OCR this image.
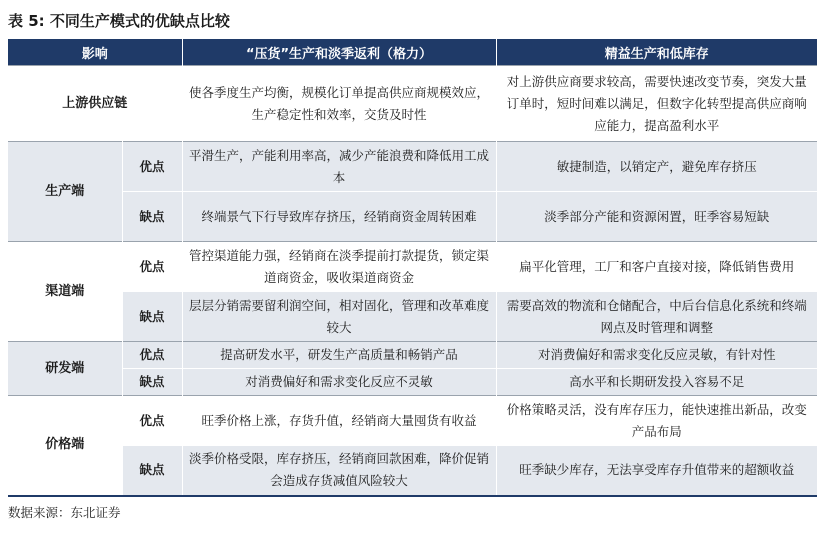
表 5: 不同生产模式的优缺点比较
影响		“压货”生产和淡季返利（格力）	精益生产和低库存
上游供应链		使各季度生产均衡，规模化订单提高供应商规模效应，生产稳定性和效率，交货及时性	对上游供应商要求较高，需要快速改变节奏，突发大量订单时，短时间难以满足，但数字化转型提高供应商响应能力，提高盈利水平
生产端	优点	平滑生产，产能利用率高，减少产能浪费和降低用工成本	敏捷制造，以销定产，避免库存挤压
	缺点	终端景气下行导致库存挤压，经销商资金周转困难	淡季部分产能和资源闲置，旺季容易短缺
渠道端	优点	管控渠道能力强，经销商在淡季提前打款提货，锁定渠道商资金，吸收渠道商资金	扁平化管理，工厂和客户直接对接，降低销售费用
	缺点	层层分销需要留利润空间，相对固化，管理和改革难度较大	需要高效的物流和仓储配合，中后台信息化系统和终端网点及时管理和调整
研发端	优点	提高研发水平，研发生产高质量和畅销产品	对消费偏好和需求变化反应灵敏，有针对性
	缺点	对消费偏好和需求变化反应不灵敏	高水平和长期研发投入容易不足
价格端	优点	旺季价格上涨，存货升值，经销商大量囤货有收益	价格策略灵活，没有库存压力，能快速推出新品，改变产品布局
	缺点	淡季价格受限，库存挤压，经销商回款困难，降价促销会造成存货减值风险较大	旺季缺少库存，无法享受库存升值带来的超额收益
数据来源：东北证券
